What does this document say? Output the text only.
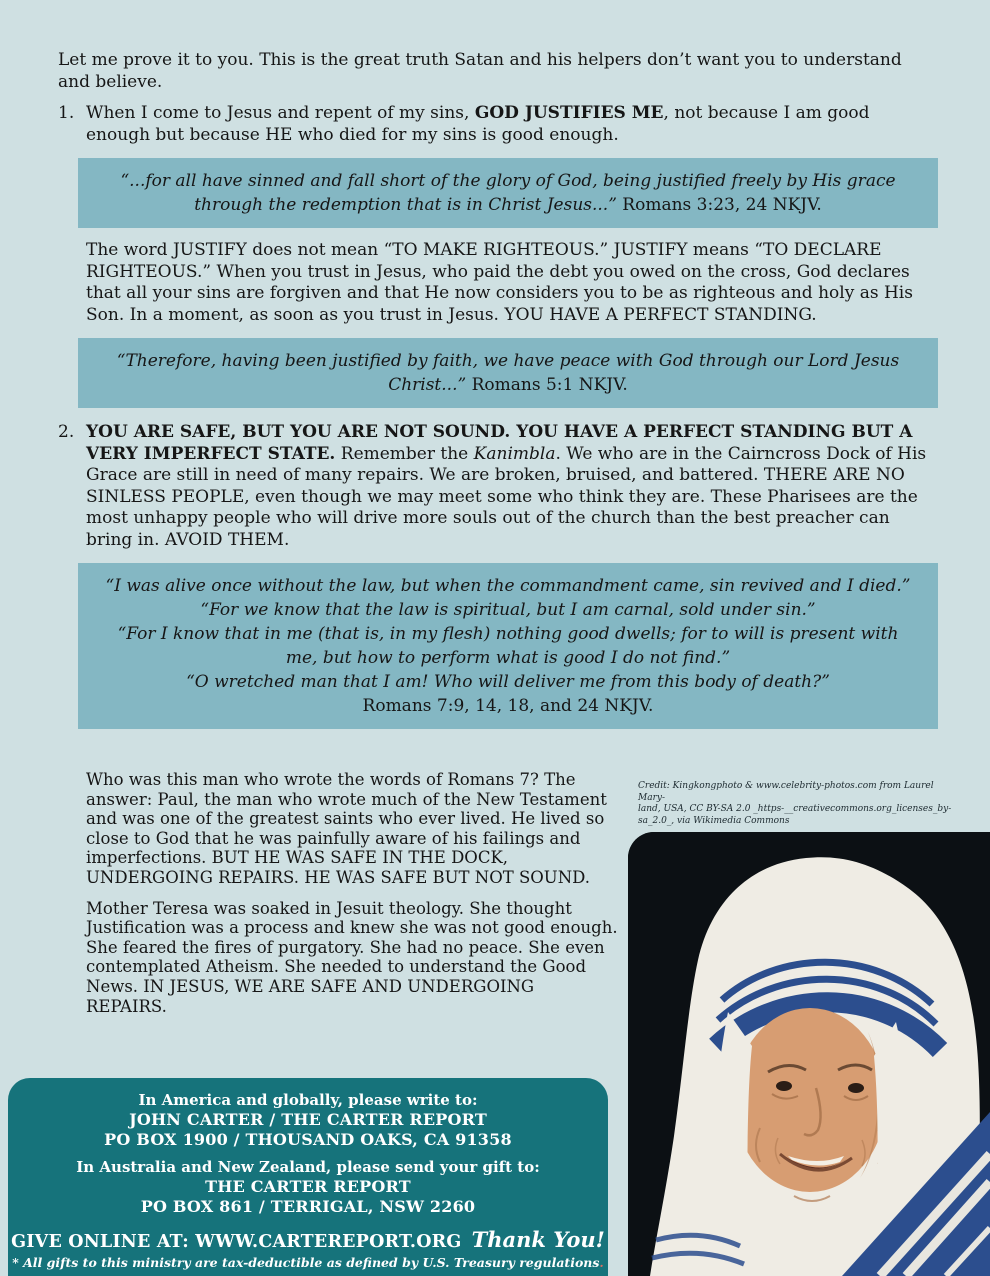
Let me prove it to you. This is the great truth Satan and his helpers don’t want you to understand and believe.

1. When I come to Jesus and repent of my sins, GOD JUSTIFIES ME, not because I am good enough but because HE who died for my sins is good enough.
“...for all have sinned and fall short of the glory of God, being justified freely by His grace through the redemption that is in Christ Jesus...” Romans 3:23, 24 NKJV.

The word JUSTIFY does not mean “TO MAKE RIGHTEOUS.” JUSTIFY means “TO DECLARE RIGHTEOUS.” When you trust in Jesus, who paid the debt you owed on the cross, God declares that all your sins are forgiven and that He now considers you to be as righteous and holy as His Son. In a moment, as soon as you trust in Jesus. YOU HAVE A PERFECT STANDING.

“Therefore, having been justified by faith, we have peace with God through our Lord Jesus Christ...” Romans 5:1 NKJV.
2. YOU ARE SAFE, BUT YOU ARE NOT SOUND. YOU HAVE A PERFECT STANDING BUT A VERY IMPERFECT STATE. Remember the Kanimbla. We who are in the Cairncross Dock of His Grace are still in need of many repairs. We are broken, bruised, and battered. THERE ARE NO SINLESS PEOPLE, even though we may meet some who think they are. These Pharisees are the most unhappy people who will drive more souls out of the church than the best preacher can bring in. AVOID THEM.
“I was alive once without the law, but when the commandment came, sin revived and I died.”
“For we know that the law is spiritual, but I am carnal, sold under sin.”
“For I know that in me (that is, in my flesh) nothing good dwells; for to will is present with me, but how to perform what is good I do not find.”
“O wretched man that I am! Who will deliver me from this body of death?”
Romans 7:9, 14, 18, and 24 NKJV.

Who was this man who wrote the words of Romans 7? The answer: Paul, the man who wrote much of the New Testament and was one of the greatest saints who ever lived. He lived so close to God that he was painfully aware of his failings and imperfections. BUT HE WAS SAFE IN THE DOCK, UNDERGOING REPAIRS. HE WAS SAFE BUT NOT SOUND.

Mother Teresa was soaked in Jesuit theology. She thought Justification was a process and knew she was not good enough. She feared the fires of purgatory. She had no peace. She even contemplated Atheism. She needed to understand the Good News. IN JESUS, WE ARE SAFE AND UNDERGOING REPAIRS.

Credit: Kingkongphoto & www.celebrity-photos.com from Laurel Mary-
land, USA, CC BY-SA 2.0 _https-__creativecommons.org_licenses_by-
sa_2.0_, via Wikimedia Commons
In America and globally, please write to:
JOHN CARTER / THE CARTER REPORT
PO BOX 1900 / THOUSAND OAKS, CA 91358
In Australia and New Zealand, please send your gift to:
THE CARTER REPORT
PO BOX 861 / TERRIGAL, NSW 2260
GIVE ONLINE AT: WWW.CARTEREPORT.ORG Thank You!
* All gifts to this ministry are tax-deductible as defined by U.S. Treasury regulations.
